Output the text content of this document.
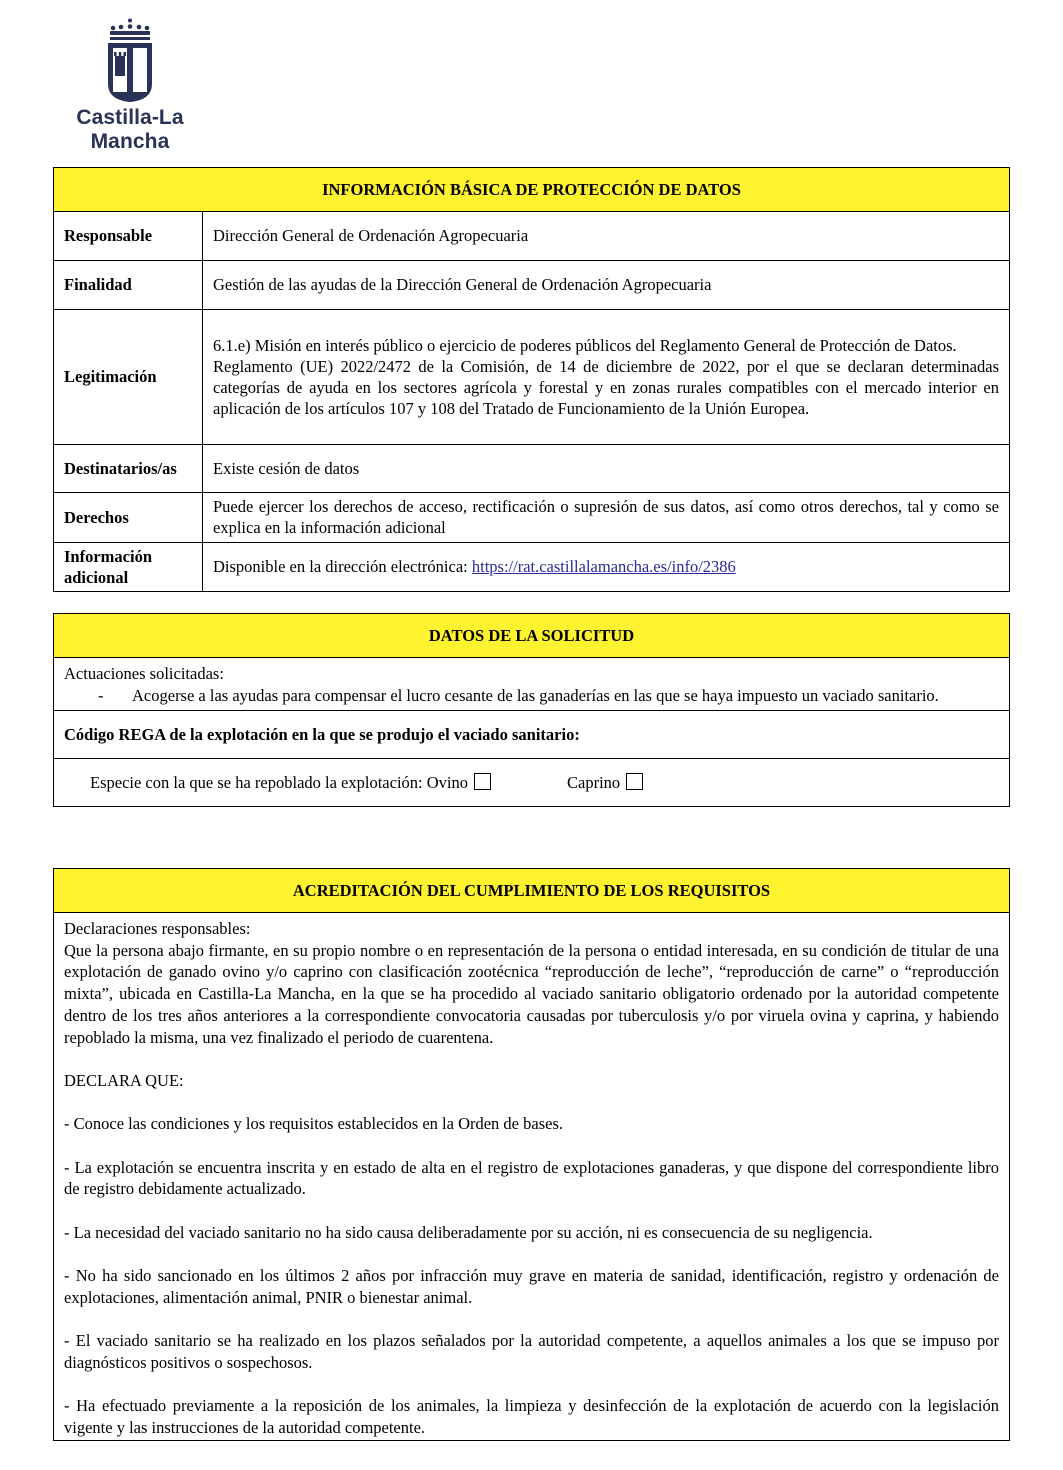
Castilla-La Mancha
INFORMACIÓN BÁSICA DE PROTECCIÓN DE DATOS
Responsable	Dirección General de Ordenación Agropecuaria
Finalidad	Gestión de las ayudas de la Dirección General de Ordenación Agropecuaria
Legitimación	6.1.e) Misión en interés público o ejercicio de poderes públicos del Reglamento General de Protección de Datos.
Reglamento (UE) 2022/2472 de la Comisión, de 14 de diciembre de 2022, por el que se declaran determinadas categorías de ayuda en los sectores agrícola y forestal y en zonas rurales compatibles con el mercado interior en aplicación de los artículos 107 y 108 del Tratado de Funcionamiento de la Unión Europea.

Destinatarios/as	Existe cesión de datos
Derechos	Puede ejercer los derechos de acceso, rectificación o supresión de sus datos, así como otros derechos, tal y como se explica en la información adicional
Información adicional	Disponible en la dirección electrónica: https://rat.castillalamancha.es/info/2386
DATOS DE LA SOLICITUD
Actuaciones solicitadas:
-	Acogerse a las ayudas para compensar el lucro cesante de las ganaderías en las que se haya impuesto un vaciado sanitario.
Código REGA de la explotación en la que se produjo el vaciado sanitario:
Especie con la que se ha repoblado la explotación: Ovino	Caprino
ACREDITACIÓN DEL CUMPLIMIENTO DE LOS REQUISITOS

Declaraciones responsables:

Que la persona abajo firmante, en su propio nombre o en representación de la persona o entidad interesada, en su condición de titular de una explotación de ganado ovino y/o caprino con clasificación zootécnica “reproducción de leche”, “reproducción de carne” o “reproducción mixta”, ubicada en Castilla-La Mancha, en la que se ha procedido al vaciado sanitario obligatorio ordenado por la autoridad competente dentro de los tres años anteriores a la correspondiente convocatoria causadas por tuberculosis y/o por viruela ovina y caprina, y habiendo repoblado la misma, una vez finalizado el periodo de cuarentena.

DECLARA QUE:

- Conoce las condiciones y los requisitos establecidos en la Orden de bases.

- La explotación se encuentra inscrita y en estado de alta en el registro de explotaciones ganaderas, y que dispone del correspondiente libro de registro debidamente actualizado.

- La necesidad del vaciado sanitario no ha sido causa deliberadamente por su acción, ni es consecuencia de su negligencia.

- No ha sido sancionado en los últimos 2 años por infracción muy grave en materia de sanidad, identificación, registro y ordenación de explotaciones, alimentación animal, PNIR o bienestar animal.

- El vaciado sanitario se ha realizado en los plazos señalados por la autoridad competente, a aquellos animales a los que se impuso por diagnósticos positivos o sospechosos.

- Ha efectuado previamente a la reposición de los animales, la limpieza y desinfección de la explotación de acuerdo con la legislación vigente y las instrucciones de la autoridad competente.
